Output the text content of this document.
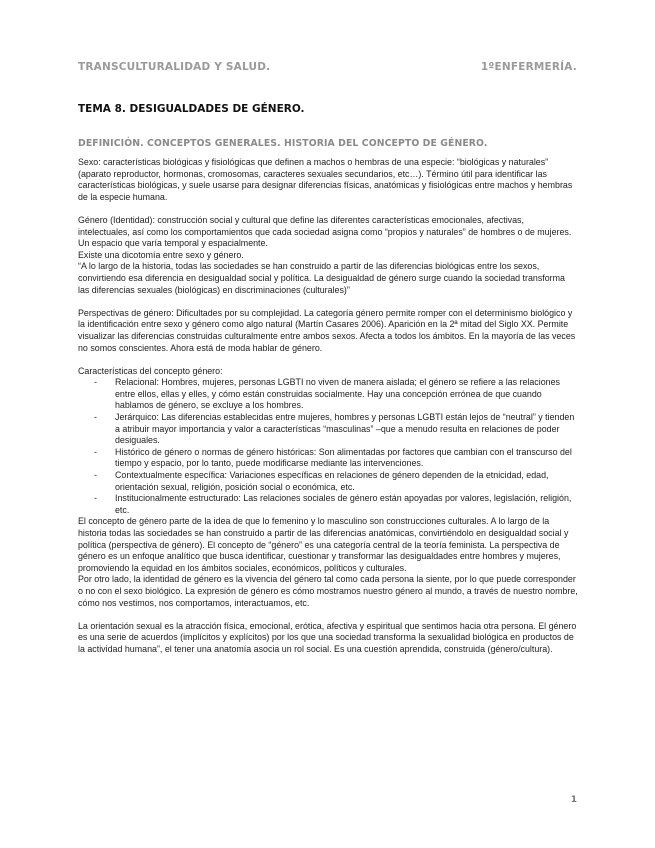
TRANSCULTURALIDAD Y SALUD.	1ºENFERMERÍA.
TEMA 8. DESIGUALDADES DE GÉNERO.
DEFINICIÓN. CONCEPTOS GENERALES. HISTORIA DEL CONCEPTO DE GÉNERO.

Sexo: características biológicas y fisiológicas que definen a machos o hembras de una especie: “biológicas y naturales” (aparato reproductor, hormonas, cromosomas, caracteres sexuales secundarios, etc…). Término útil para identificar las características biológicas, y suele usarse para designar diferencias físicas, anatómicas y fisiológicas entre machos y hembras de la especie humana.

Género (Identidad): construcción social y cultural que define las diferentes características emocionales, afectivas, intelectuales, así como los comportamientos que cada sociedad asigna como “propios y naturales” de hombres o de mujeres. Un espacio que varía temporal y espacialmente.

Existe una dicotomía entre sexo y género.

“A lo largo de la historia, todas las sociedades se han construido a partir de las diferencias biológicas entre los sexos, convirtiendo esa diferencia en desigualdad social y política. La desigualdad de género surge cuando la sociedad transforma las diferencias sexuales (biológicas) en discriminaciones (culturales)”

Perspectivas de género: Dificultades por su complejidad. La categoría género permite romper con el determinismo biológico y la identificación entre sexo y género como algo natural (Martín Casares 2006). Aparición en la 2ª mitad del Siglo XX. Permite visualizar las diferencias construidas culturalmente entre ambos sexos. Afecta a todos los ámbitos. En la mayoría de las veces no somos conscientes. Ahora está de moda hablar de género.

Características del concepto género:

- Relacional: Hombres, mujeres, personas LGBTI no viven de manera aislada; el género se refiere a las relaciones entre ellos, ellas y elles, y cómo están construidas socialmente. Hay una concepción errónea de que cuando hablamos de género, se excluye a los hombres.
- Jerárquico: Las diferencias establecidas entre mujeres, hombres y personas LGBTI están lejos de “neutral” y tienden a atribuir mayor importancia y valor a características “masculinas” –que a menudo resulta en relaciones de poder desiguales.
- Histórico de género o normas de género históricas: Son alimentadas por factores que cambian con el transcurso del tiempo y espacio, por lo tanto, puede modificarse mediante las intervenciones.
- Contextualmente específica: Variaciones específicas en relaciones de género dependen de la etnicidad, edad, orientación sexual, religión, posición social o económica, etc.
- Institucionalmente estructurado: Las relaciones sociales de género están apoyadas por valores, legislación, religión, etc.

El concepto de género parte de la idea de que lo femenino y lo masculino son construcciones culturales. A lo largo de la historia todas las sociedades se han construido a partir de las diferencias anatómicas, convirtiéndolo en desigualdad social y política (perspectiva de género). El concepto de “género” es una categoría central de la teoría feminista. La perspectiva de género es un enfoque analítico que busca identificar, cuestionar y transformar las desigualdades entre hombres y mujeres, promoviendo la equidad en los ámbitos sociales, económicos, políticos y culturales.

Por otro lado, la identidad de género es la vivencia del género tal como cada persona la siente, por lo que puede corresponder o no con el sexo biológico. La expresión de género es cómo mostramos nuestro género al mundo, a través de nuestro nombre, cómo nos vestimos, nos comportamos, interactuamos, etc.

La orientación sexual es la atracción física, emocional, erótica, afectiva y espiritual que sentimos hacia otra persona. El género es una serie de acuerdos (implícitos y explícitos) por los que una sociedad transforma la sexualidad biológica en productos de la actividad humana”, el tener una anatomía asocia un rol social. Es una cuestión aprendida, construida (género/cultura).

1
